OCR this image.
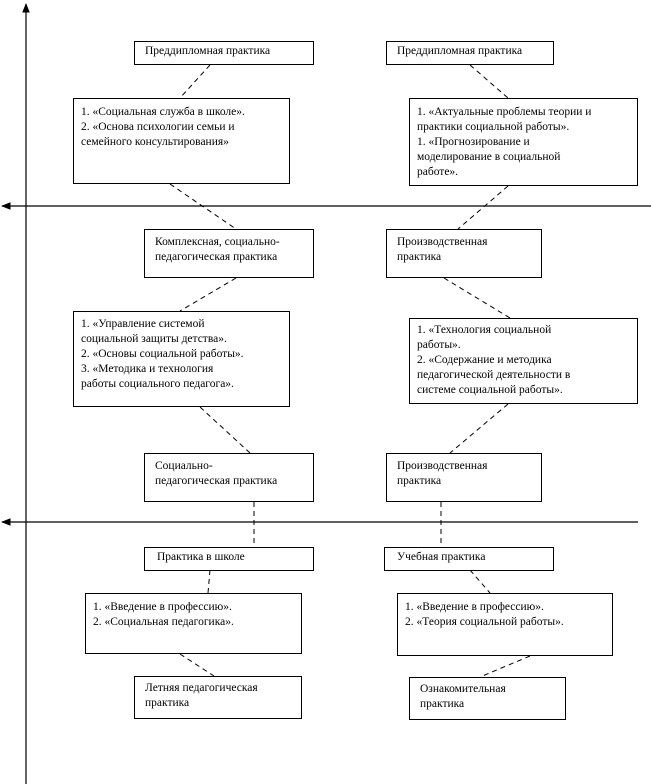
Преддипломная практика
1. «Социальная служба в школе».
2. «Основа психологии семьи и
семейного консультирования»
Комплексная, социально-
педагогическая практика
1. «Управление системой
социальной защиты детства».
2. «Основы социальной работы».
3. «Методика и технология
работы социального педагога».
Социально-
педагогическая практика
Практика в школе
1. «Введение в профессию».
2. «Социальная педагогика».
Летняя педагогическая
практика
Преддипломная практика
1. «Актуальные проблемы теории и
практики социальной работы».
1. «Прогнозирование и
моделирование в социальной
работе».
Производственная
практика
1. «Технология социальной
работы».
2. «Содержание и методика
педагогической деятельности в
системе социальной работы».
Производственная
практика
Учебная практика
1. «Введение в профессию».
2. «Теория социальной работы».
Ознакомительная
практика
